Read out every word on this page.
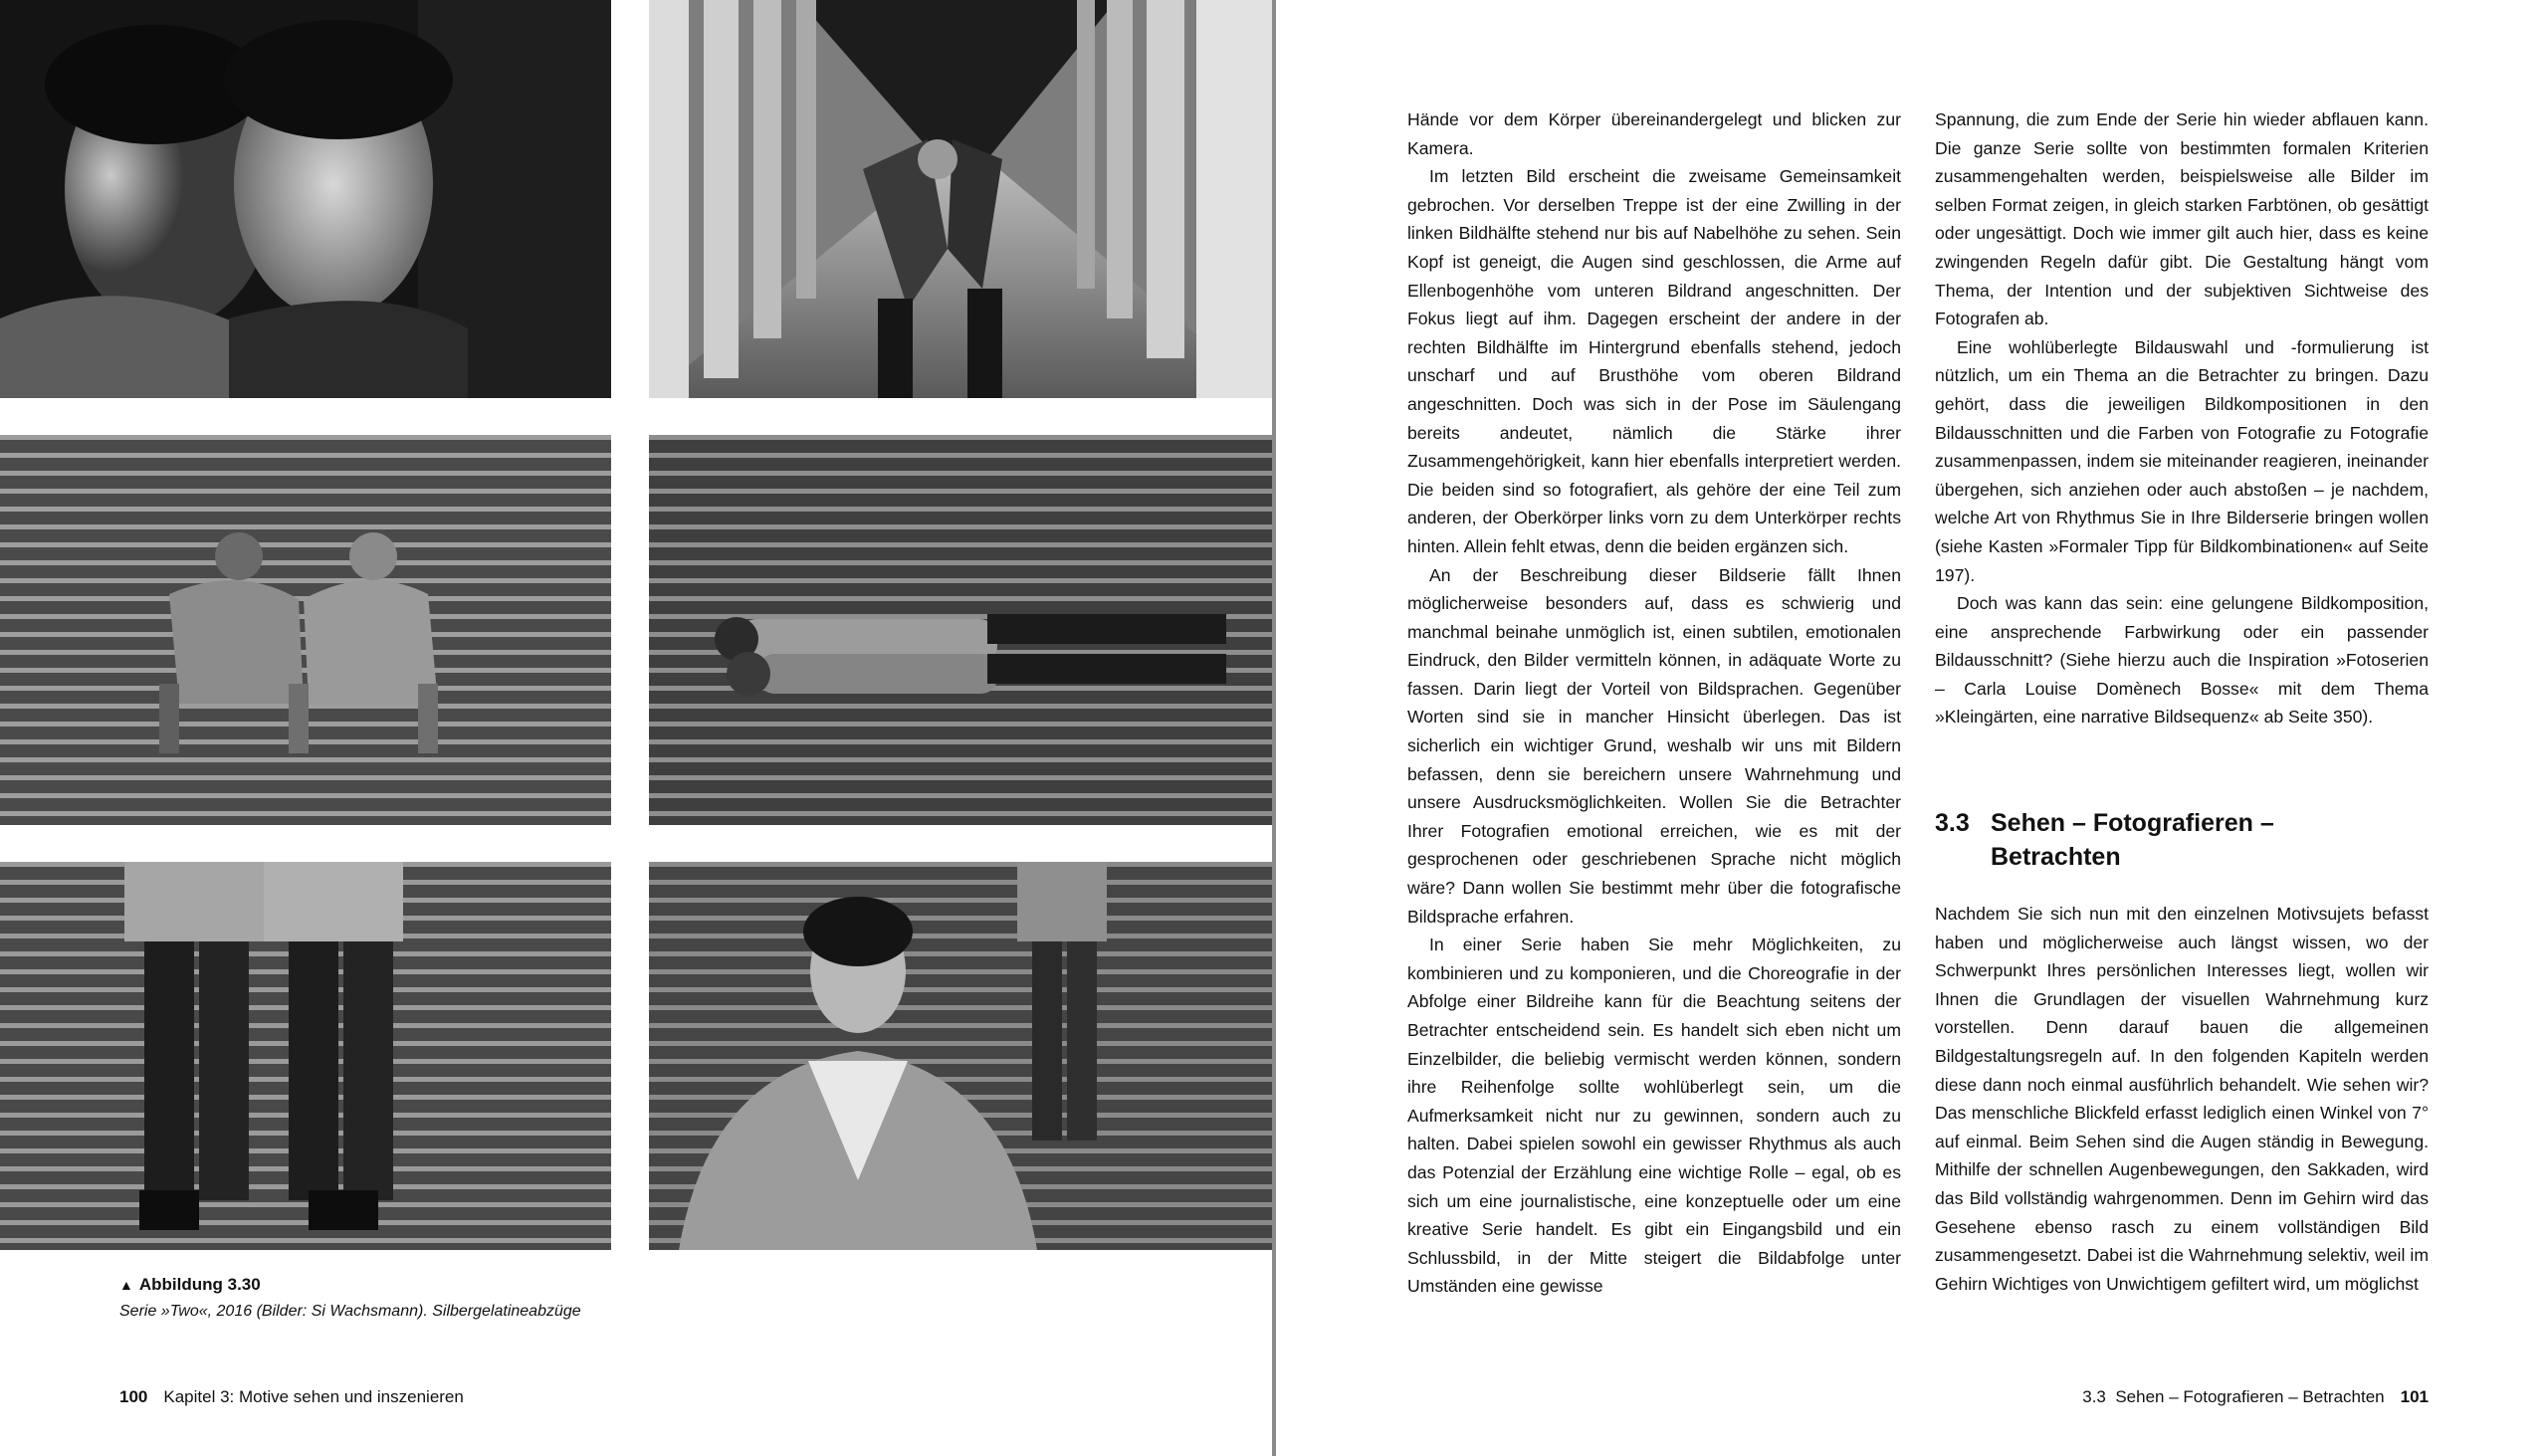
▲ Abbildung 3.30
Serie »Two«, 2016 (Bilder: Si Wachsmann). Silbergelatineabzüge
100 Kapitel 3: Motive sehen und inszenieren

Hände vor dem Körper übereinandergelegt und blicken zur Kamera.

Im letzten Bild erscheint die zweisame Gemeinsamkeit gebrochen. Vor derselben Treppe ist der eine Zwilling in der linken Bildhälfte stehend nur bis auf Nabelhöhe zu sehen. Sein Kopf ist geneigt, die Augen sind geschlossen, die Arme auf Ellenbogenhöhe vom unteren Bildrand angeschnitten. Der Fokus liegt auf ihm. Dagegen erscheint der andere in der rechten Bildhälfte im Hintergrund ebenfalls stehend, jedoch unscharf und auf Brusthöhe vom oberen Bildrand angeschnitten. Doch was sich in der Pose im Säulengang bereits andeutet, nämlich die Stärke ihrer Zusammengehörigkeit, kann hier ebenfalls interpretiert werden. Die beiden sind so fotografiert, als gehöre der eine Teil zum anderen, der Oberkörper links vorn zu dem Unterkörper rechts hinten. Allein fehlt etwas, denn die beiden ergänzen sich.

An der Beschreibung dieser Bildserie fällt Ihnen möglicherweise besonders auf, dass es schwierig und manchmal beinahe unmöglich ist, einen subtilen, emotionalen Eindruck, den Bilder vermitteln können, in adäquate Worte zu fassen. Darin liegt der Vorteil von Bildsprachen. Gegenüber Worten sind sie in mancher Hinsicht überlegen. Das ist sicherlich ein wichtiger Grund, weshalb wir uns mit Bildern befassen, denn sie bereichern unsere Wahrnehmung und unsere Ausdrucksmöglichkeiten. Wollen Sie die Betrachter Ihrer Fotografien emotional erreichen, wie es mit der gesprochenen oder geschriebenen Sprache nicht möglich wäre? Dann wollen Sie bestimmt mehr über die fotografische Bildsprache erfahren.

In einer Serie haben Sie mehr Möglichkeiten, zu kombinieren und zu komponieren, und die Choreografie in der Abfolge einer Bildreihe kann für die Beachtung seitens der Betrachter entscheidend sein. Es handelt sich eben nicht um Einzelbilder, die beliebig vermischt werden können, sondern ihre Reihenfolge sollte wohlüberlegt sein, um die Aufmerksamkeit nicht nur zu gewinnen, sondern auch zu halten. Dabei spielen sowohl ein gewisser Rhythmus als auch das Potenzial der Erzählung eine wichtige Rolle – egal, ob es sich um eine journalistische, eine konzeptuelle oder um eine kreative Serie handelt. Es gibt ein Eingangsbild und ein Schlussbild, in der Mitte steigert die Bildabfolge unter Umständen eine gewisse

Spannung, die zum Ende der Serie hin wieder abflauen kann. Die ganze Serie sollte von bestimmten formalen Kriterien zusammengehalten werden, beispielsweise alle Bilder im selben Format zeigen, in gleich starken Farbtönen, ob gesättigt oder ungesättigt. Doch wie immer gilt auch hier, dass es keine zwingenden Regeln dafür gibt. Die Gestaltung hängt vom Thema, der Intention und der subjektiven Sichtweise des Fotografen ab.

Eine wohlüberlegte Bildauswahl und -formulierung ist nützlich, um ein Thema an die Betrachter zu bringen. Dazu gehört, dass die jeweiligen Bildkompositionen in den Bildausschnitten und die Farben von Fotografie zu Fotografie zusammenpassen, indem sie miteinander reagieren, ineinander übergehen, sich anziehen oder auch abstoßen – je nachdem, welche Art von Rhythmus Sie in Ihre Bilderserie bringen wollen (siehe Kasten »Formaler Tipp für Bildkombinationen« auf Seite 197).

Doch was kann das sein: eine gelungene Bildkomposition, eine ansprechende Farbwirkung oder ein passender Bildausschnitt? (Siehe hierzu auch die Inspiration »Fotoserien – Carla Louise Domènech Bosse« mit dem Thema »Kleingärten, eine narrative Bildsequenz« ab Seite 350).

3.3 Sehen – Fotografieren –
Betrachten

Nachdem Sie sich nun mit den einzelnen Motivsujets befasst haben und möglicherweise auch längst wissen, wo der Schwerpunkt Ihres persönlichen Interesses liegt, wollen wir Ihnen die Grundlagen der visuellen Wahrnehmung kurz vorstellen. Denn darauf bauen die allgemeinen Bildgestaltungsregeln auf. In den folgenden Kapiteln werden diese dann noch einmal ausführlich behandelt. Wie sehen wir? Das menschliche Blickfeld erfasst lediglich einen Winkel von 7° auf einmal. Beim Sehen sind die Augen ständig in Bewegung. Mithilfe der schnellen Augenbewegungen, den Sakkaden, wird das Bild vollständig wahrgenommen. Denn im Gehirn wird das Gesehene ebenso rasch zu einem vollständigen Bild zusammengesetzt. Dabei ist die Wahrnehmung selektiv, weil im Gehirn Wichtiges von Unwichtigem gefiltert wird, um möglichst

3.3  Sehen – Fotografieren – Betrachten 101
